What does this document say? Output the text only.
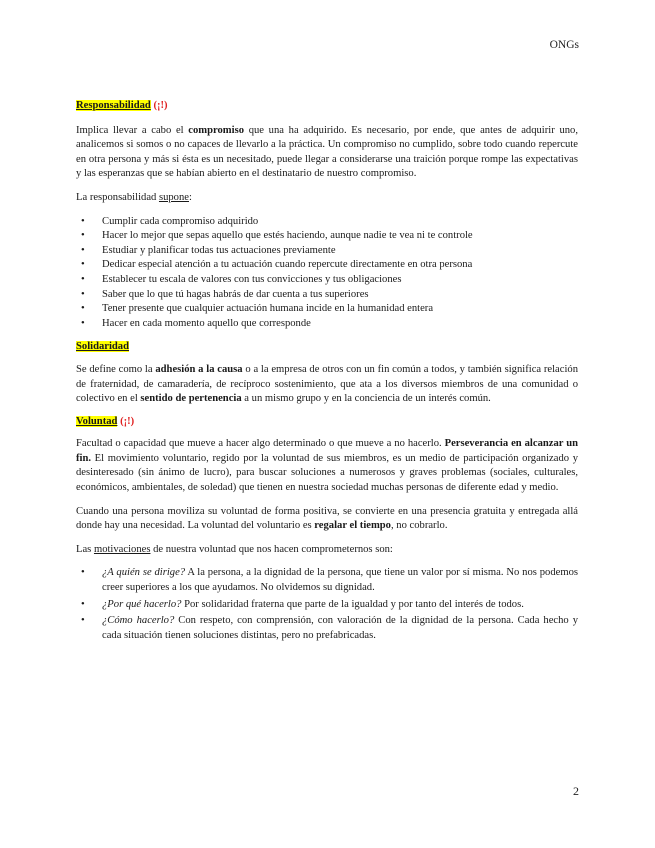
ONGs

Responsabilidad (¡!)

Implica llevar a cabo el compromiso que una ha adquirido. Es necesario, por ende, que antes de adquirir uno, analicemos si somos o no capaces de llevarlo a la práctica. Un compromiso no cumplido, sobre todo cuando repercute en otra persona y más si ésta es un necesitado, puede llegar a considerarse una traición porque rompe las expectativas y las esperanzas que se habían abierto en el destinatario de nuestro compromiso.

La responsabilidad supone:

• Cumplir cada compromiso adquirido
• Hacer lo mejor que sepas aquello que estés haciendo, aunque nadie te vea ni te controle
• Estudiar y planificar todas tus actuaciones previamente
• Dedicar especial atención a tu actuación cuando repercute directamente en otra persona
• Establecer tu escala de valores con tus convicciones y tus obligaciones
• Saber que lo que tú hagas habrás de dar cuenta a tus superiores
• Tener presente que cualquier actuación humana incide en la humanidad entera
• Hacer en cada momento aquello que corresponde

Solidaridad

Se define como la adhesión a la causa o a la empresa de otros con un fin común a todos, y también significa relación de fraternidad, de camaradería, de recíproco sostenimiento, que ata a los diversos miembros de una comunidad o colectivo en el sentido de pertenencia a un mismo grupo y en la conciencia de un interés común.

Voluntad (¡!)

Facultad o capacidad que mueve a hacer algo determinado o que mueve a no hacerlo. Perseverancia en alcanzar un fin. El movimiento voluntario, regido por la voluntad de sus miembros, es un medio de participación organizado y desinteresado (sin ánimo de lucro), para buscar soluciones a numerosos y graves problemas (sociales, culturales, económicos, ambientales, de soledad) que tienen en nuestra sociedad muchas personas de diferente edad y medio.

Cuando una persona moviliza su voluntad de forma positiva, se convierte en una presencia gratuita y entregada allá donde hay una necesidad. La voluntad del voluntario es regalar el tiempo, no cobrarlo.

Las motivaciones de nuestra voluntad que nos hacen comprometernos son:

• ¿A quién se dirige? A la persona, a la dignidad de la persona, que tiene un valor por sí misma. No nos podemos creer superiores a los que ayudamos. No olvidemos su dignidad.
• ¿Por qué hacerlo? Por solidaridad fraterna que parte de la igualdad y por tanto del interés de todos.
• ¿Cómo hacerlo? Con respeto, con comprensión, con valoración de la dignidad de la persona. Cada hecho y cada situación tienen soluciones distintas, pero no prefabricadas.
2
